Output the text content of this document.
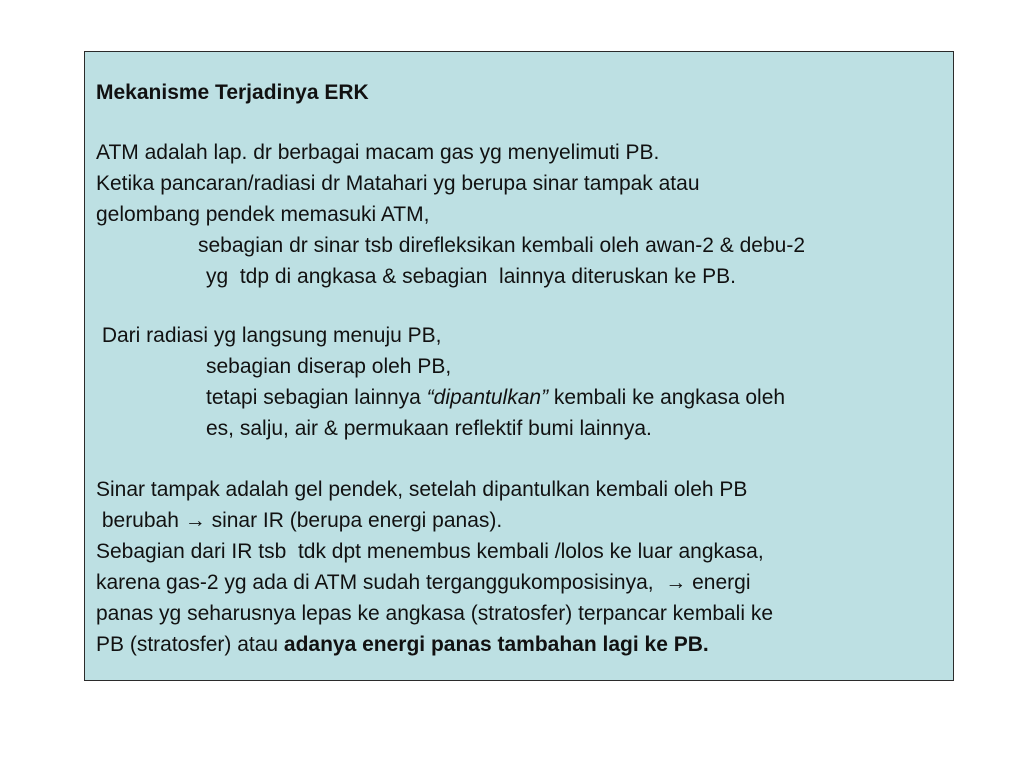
Mekanisme Terjadinya ERK
ATM adalah lap. dr berbagai macam gas yg menyelimuti PB.
Ketika pancaran/radiasi dr Matahari yg berupa sinar tampak atau
gelombang pendek memasuki ATM,
sebagian dr sinar tsb direfleksikan kembali oleh awan-2 & debu-2
yg  tdp di angkasa & sebagian  lainnya diteruskan ke PB.
Dari radiasi yg langsung menuju PB,
sebagian diserap oleh PB,
tetapi sebagian lainnya “dipantulkan” kembali ke angkasa oleh
es, salju, air & permukaan reflektif bumi lainnya.
Sinar tampak adalah gel pendek, setelah dipantulkan kembali oleh PB
berubah → sinar IR (berupa energi panas).
Sebagian dari IR tsb  tdk dpt menembus kembali /lolos ke luar angkasa,
karena gas-2 yg ada di ATM sudah terganggukomposisinya,  → energi
panas yg seharusnya lepas ke angkasa (stratosfer) terpancar kembali ke
PB (stratosfer) atau adanya energi panas tambahan lagi ke PB.
